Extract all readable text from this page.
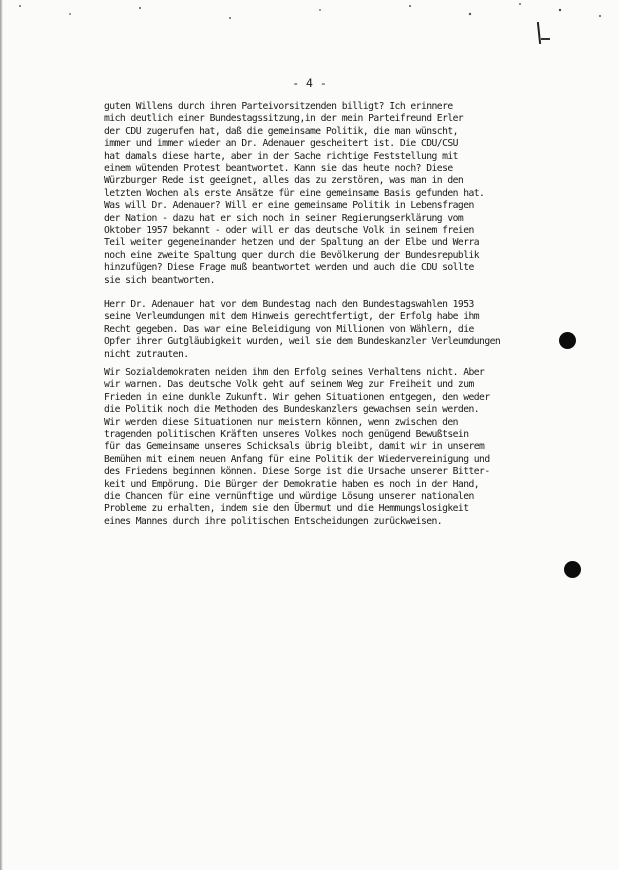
- 4 -

guten Willens durch ihren Parteivorsitzenden billigt? Ich erinnere
mich deutlich einer Bundestagssitzung,in der mein Parteifreund Erler
der CDU zugerufen hat, daß die gemeinsame Politik, die man wünscht,
immer und immer wieder an Dr. Adenauer gescheitert ist. Die CDU/CSU
hat damals diese harte, aber in der Sache richtige Feststellung mit
einem wütenden Protest beantwortet. Kann sie das heute noch? Diese
Würzburger Rede ist geeignet, alles das zu zerstören, was man in den
letzten Wochen als erste Ansätze für eine gemeinsame Basis gefunden hat.
Was will Dr. Adenauer? Will er eine gemeinsame Politik in Lebensfragen
der Nation - dazu hat er sich noch in seiner Regierungserklärung vom
Oktober 1957 bekannt - oder will er das deutsche Volk in seinem freien
Teil weiter gegeneinander hetzen und der Spaltung an der Elbe und Werra
noch eine zweite Spaltung quer durch die Bevölkerung der Bundesrepublik
hinzufügen? Diese Frage muß beantwortet werden und auch die CDU sollte
sie sich beantworten.

Herr Dr. Adenauer hat vor dem Bundestag nach den Bundestagswahlen 1953
seine Verleumdungen mit dem Hinweis gerechtfertigt, der Erfolg habe ihm
Recht gegeben. Das war eine Beleidigung von Millionen von Wählern, die
Opfer ihrer Gutgläubigkeit wurden, weil sie dem Bundeskanzler Verleumdungen
nicht zutrauten.

Wir Sozialdemokraten neiden ihm den Erfolg seines Verhaltens nicht. Aber
wir warnen. Das deutsche Volk geht auf seinem Weg zur Freiheit und zum
Frieden in eine dunkle Zukunft. Wir gehen Situationen entgegen, den weder
die Politik noch die Methoden des Bundeskanzlers gewachsen sein werden.
Wir werden diese Situationen nur meistern können, wenn zwischen den
tragenden politischen Kräften unseres Volkes noch genügend Bewußtsein
für das Gemeinsame unseres Schicksals übrig bleibt, damit wir in unserem
Bemühen mit einem neuen Anfang für eine Politik der Wiedervereinigung und
des Friedens beginnen können. Diese Sorge ist die Ursache unserer Bitter-
keit und Empörung. Die Bürger der Demokratie haben es noch in der Hand,
die Chancen für eine vernünftige und würdige Lösung unserer nationalen
Probleme zu erhalten, indem sie den Übermut und die Hemmungslosigkeit
eines Mannes durch ihre politischen Entscheidungen zurückweisen.
